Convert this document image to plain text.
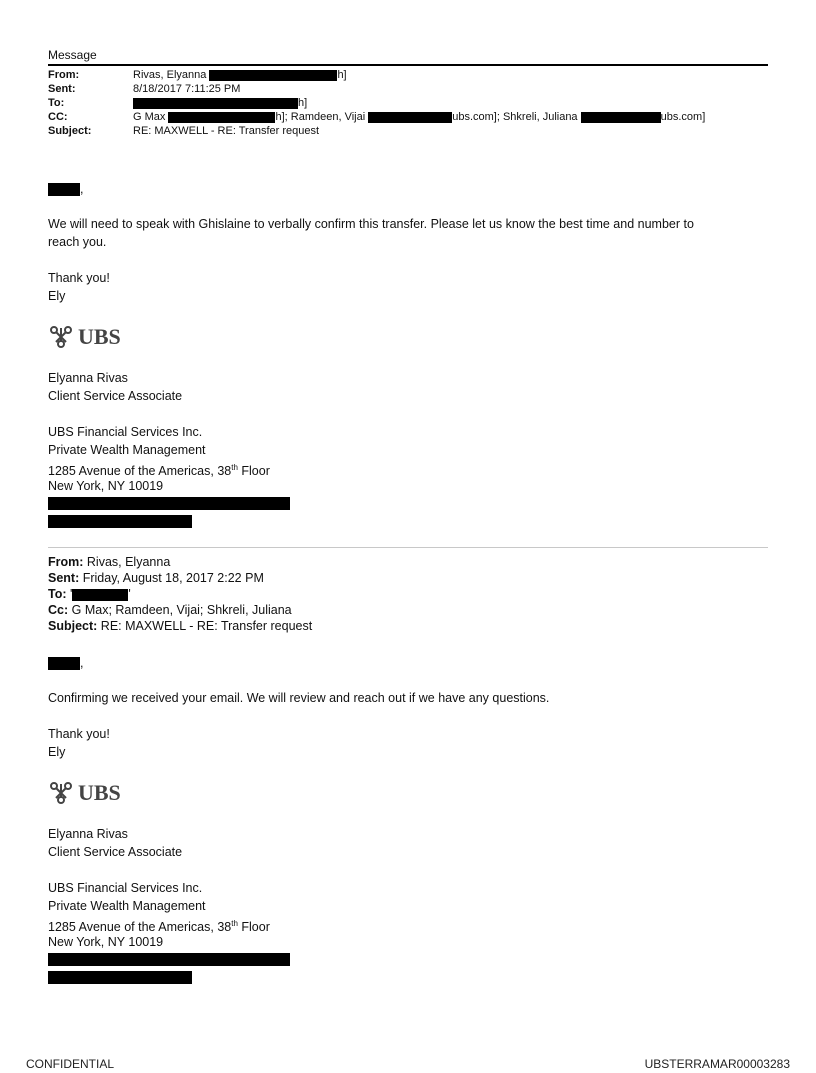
Message
From:	Rivas, Elyanna	h]
Sent:	8/18/2017 7:11:25 PM
To:	h]
CC:	G Max	h]; Ramdeen, Vijai	ubs.com]; Shkreli, Juliana	ubs.com]
Subject:	RE: MAXWELL - RE: Transfer request
,
We will need to speak with Ghislaine to verbally confirm this transfer. Please let us know the best time and number to
reach you.
Thank you!
Ely
UBS
Elyanna Rivas
Client Service Associate
UBS Financial Services Inc.
Private Wealth Management
1285 Avenue of the Americas, 38th Floor
New York, NY 10019
From: Rivas, Elyanna
Sent: Friday, August 18, 2017 2:22 PM
To: '	'
Cc: G Max; Ramdeen, Vijai; Shkreli, Juliana
Subject: RE: MAXWELL - RE: Transfer request
,
Confirming we received your email. We will review and reach out if we have any questions.
Thank you!
Ely
UBS
Elyanna Rivas
Client Service Associate
UBS Financial Services Inc.
Private Wealth Management
1285 Avenue of the Americas, 38th Floor
New York, NY 10019
CONFIDENTIAL	UBSTERRAMAR00003283
